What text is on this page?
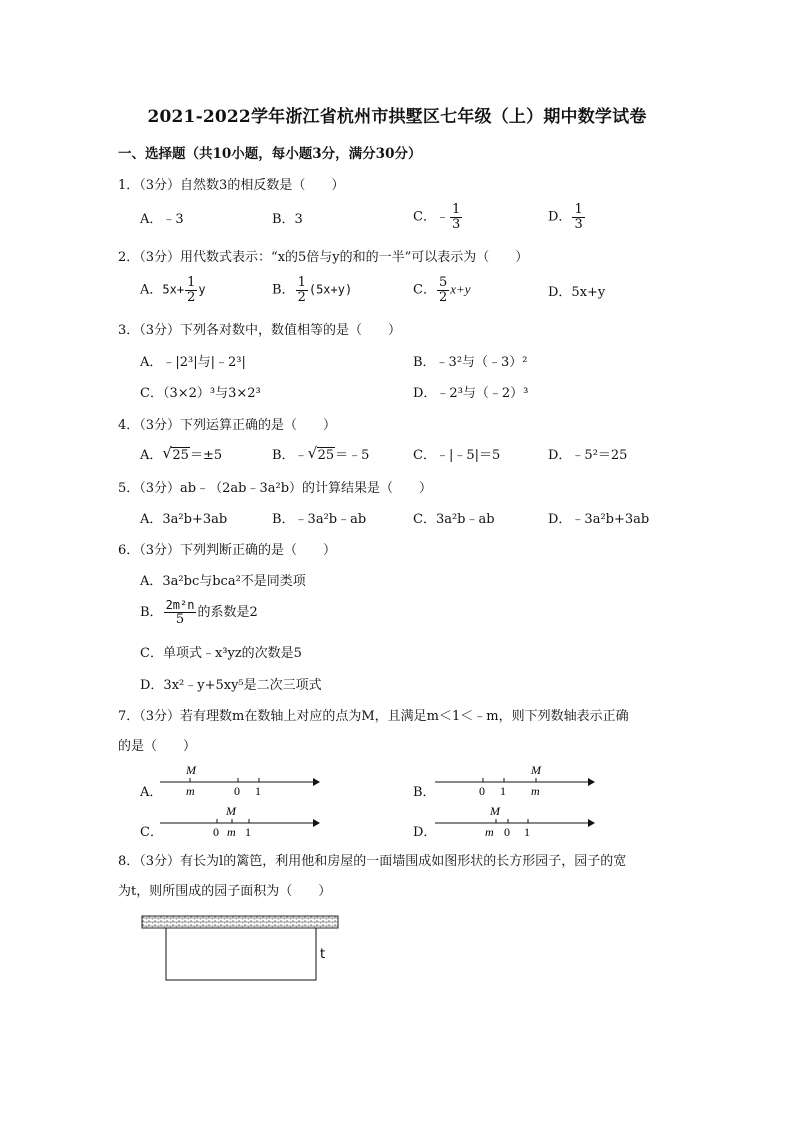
2021-2022学年浙江省杭州市拱墅区七年级（上）期中数学试卷
一、选择题（共10小题，每小题3分，满分30分）
1．（3分）自然数3的相反数是（　　）
A．﹣3	B．3	C．﹣ $\frac{1}{3}$	D． $\frac{1}{3}$
2．（3分）用代数式表示：“x的5倍与y的和的一半”可以表示为（　　）
A．$5x+ \frac{1}{2}$ y	B． $\frac{1}{2} (5x+y)$	C． $\frac{5}{2} x+y$	D．5x+y
3．（3分）下列各对数中，数值相等的是（　　）
A．﹣|2³|与|﹣2³|	B．﹣3²与（﹣3）²
C．（3×2）³与3×2³	D．﹣2³与（﹣2）³
4．（3分）下列运算正确的是（　　）
A． √ 25＝±5	B．﹣ √ 25＝﹣5	C．﹣|﹣5|＝5	D．﹣5²＝25
5．（3分）ab﹣（2ab﹣3a²b）的计算结果是（　　）
A．3a²b+3ab	B．﹣3a²b﹣ab	C．3a²b﹣ab	D．﹣3a²b+3ab
6．（3分）下列判断正确的是（　　）
A．3a²bc与bca²不是同类项
B． $\frac{\text{2m²n}}{5}$ 的系数是2
C．单项式﹣x³yz的次数是5
D．3x²﹣y+5xy⁵是二次三项式
7．（3分）若有理数m在数轴上对应的点为M，且满足m＜1＜﹣m，则下列数轴表示正确
的是（　　）
A．	B．
C．	D．
M
m	0 1
M
0 1 m
M
0 m 1
M
m 0 1
8．（3分）有长为l的篱笆，利用他和房屋的一面墙围成如图形状的长方形园子，园子的宽
为t，则所围成的园子面积为（　　）
t
